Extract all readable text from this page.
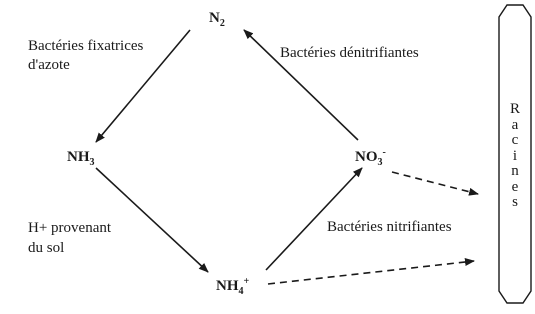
$N_2$
$NH_3$	$NO_3^-$
$NH_4^+$
Bactéries fixatrices
d'azote
Bactéries dénitrifiantes
H+ provenant
du sol
Bactéries nitrifiantes
R
a
c
i
n
e
s
